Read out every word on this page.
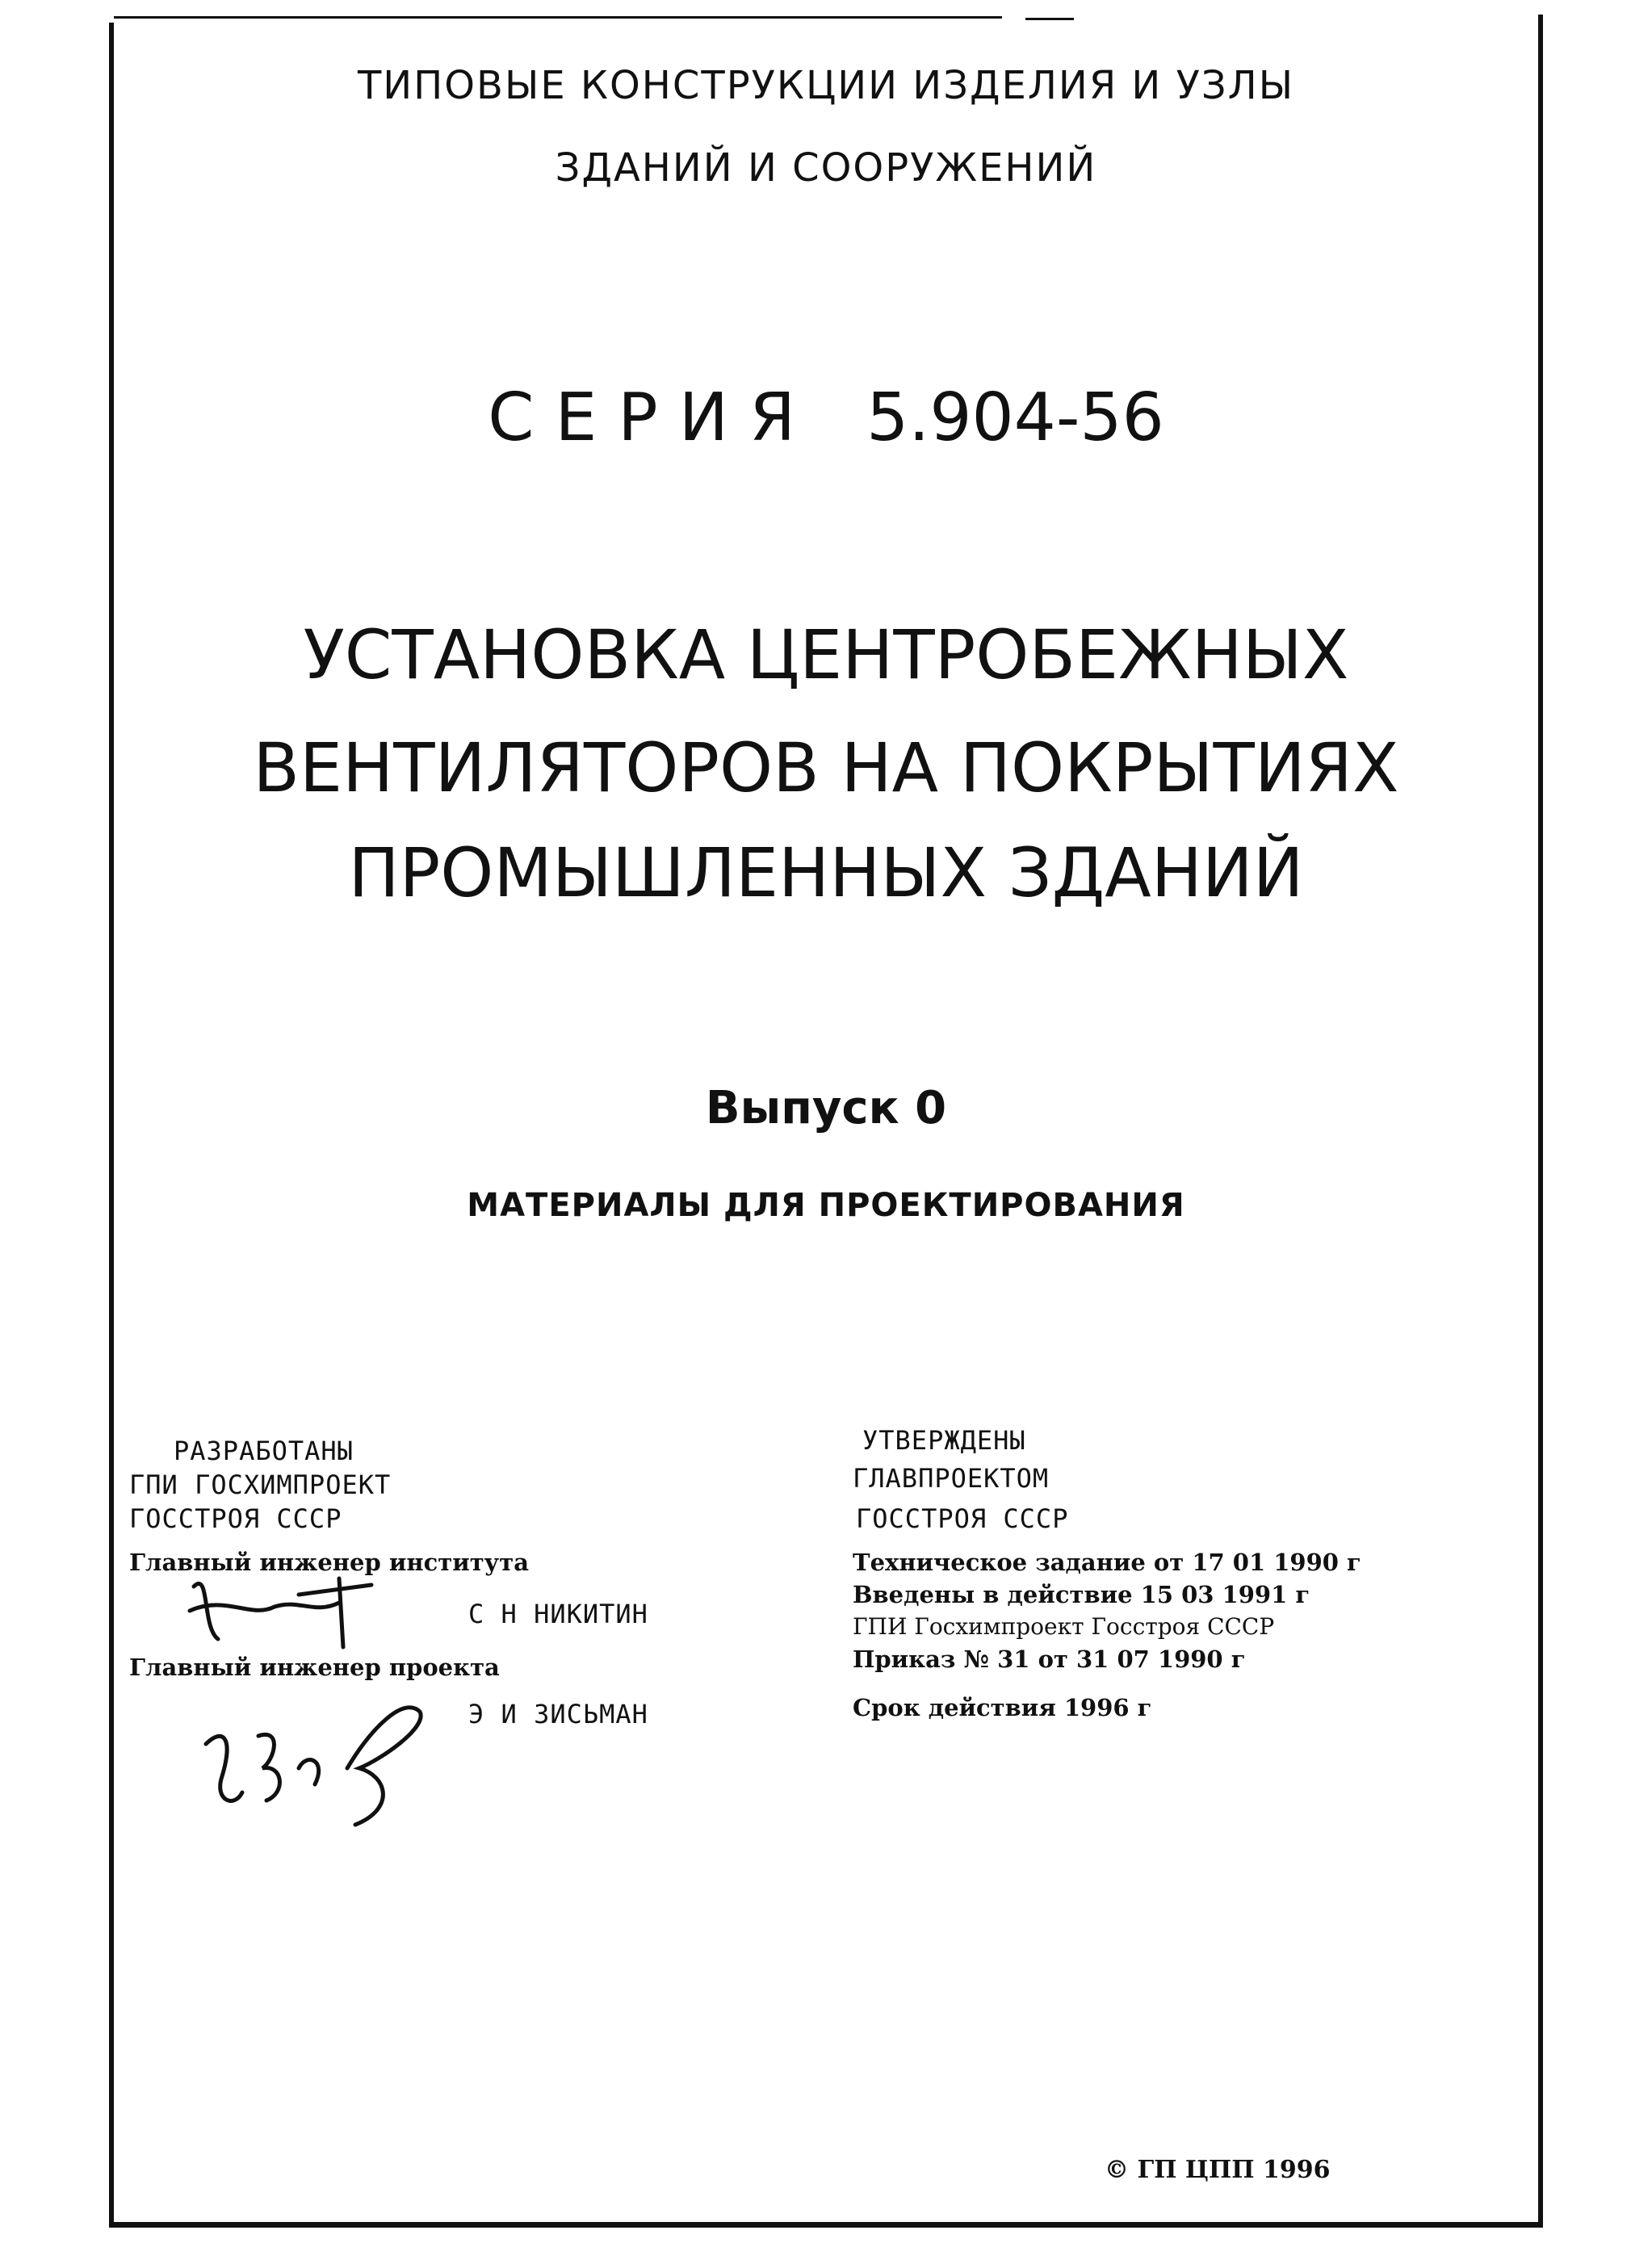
ТИПОВЫЕ КОНСТРУКЦИИ ИЗДЕЛИЯ И УЗЛЫ

ЗДАНИЙ И СООРУЖЕНИЙ

СЕРИЯ 5.904-56

УСТАНОВКА ЦЕНТРОБЕЖНЫХ

ВЕНТИЛЯТОРОВ НА ПОКРЫТИЯХ

ПРОМЫШЛЕННЫХ ЗДАНИЙ

Выпуск 0

МАТЕРИАЛЫ ДЛЯ ПРОЕКТИРОВАНИЯ

РАЗРАБОТАНЫ

ГПИ ГОСХИМПРОЕКТ

ГОССТРОЯ СССР

Главный инженер института

С Н НИКИТИН

Главный инженер проекта

Э И ЗИСЬМАН

УТВЕРЖДЕНЫ

ГЛАВПРОЕКТОМ

ГОССТРОЯ СССР

Техническое задание от 17 01 1990 г

Введены в действие 15 03 1991 г

ГПИ Госхимпроект Госстроя СССР

Приказ № 31 от 31 07 1990 г

Срок действия 1996 г

© ГП ЦПП 1996
